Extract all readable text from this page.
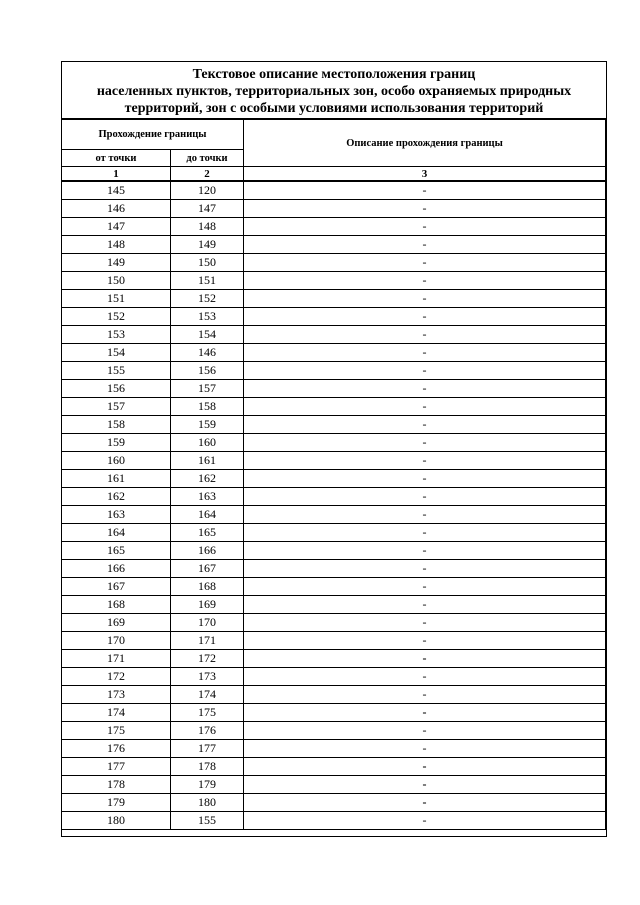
Текстовое описание местоположения границ
населенных пунктов, территориальных зон, особо охраняемых природных
территорий, зон с особыми условиями использования территорий
Прохождение границы		Описание прохождения границы
от точки	до точки	
1	2	3
145	120	-
146	147	-
147	148	-
148	149	-
149	150	-
150	151	-
151	152	-
152	153	-
153	154	-
154	146	-
155	156	-
156	157	-
157	158	-
158	159	-
159	160	-
160	161	-
161	162	-
162	163	-
163	164	-
164	165	-
165	166	-
166	167	-
167	168	-
168	169	-
169	170	-
170	171	-
171	172	-
172	173	-
173	174	-
174	175	-
175	176	-
176	177	-
177	178	-
178	179	-
179	180	-
180	155	-
